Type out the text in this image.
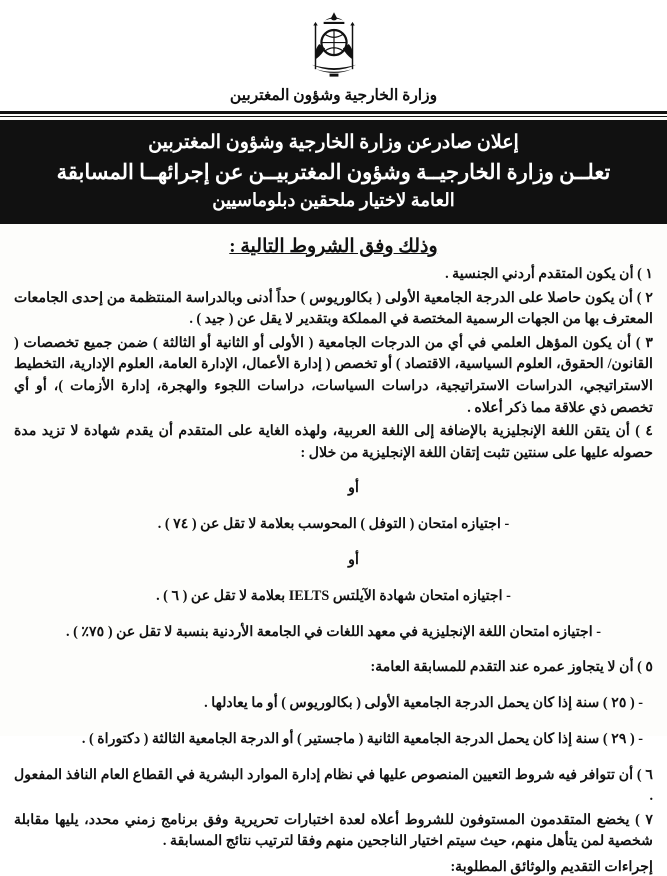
وزارة الخارجية وشؤون المغتربين
إعلان صادرعن وزارة الخارجية وشؤون المغتربين
تعلــن وزارة الخارجيــة وشؤون المغتربيــن عن إجرائهــا المسابقة
العامة لاختيار ملحقين دبلوماسيين
وذلك وفق الشروط التالية :

١ ) أن يكون المتقدم أردني الجنسية .

٢ ) أن يكون حاصلا على الدرجة الجامعية الأولى ( بكالوريوس ) حداً أدنى وبالدراسة المنتظمة من إحدى الجامعات المعترف بها من الجهات الرسمية المختصة في المملكة وبتقدير لا يقل عن ( جيد ) .

٣ ) أن يكون المؤهل العلمي في أي من الدرجات الجامعية ( الأولى أو الثانية أو الثالثة ) ضمن جميع تخصصات ( القانون/ الحقوق، العلوم السياسية، الاقتصاد ) أو تخصص ( إدارة الأعمال، الإدارة العامة، العلوم الإدارية، التخطيط الاستراتيجي، الدراسات الاستراتيجية، دراسات السياسات، دراسات اللجوء والهجرة، إدارة الأزمات )، أو أي تخصص ذي علاقة مما ذكر أعلاه .

٤ ) أن يتقن اللغة الإنجليزية بالإضافة إلى اللغة العربية، ولهذه الغاية على المتقدم أن يقدم شهادة لا تزيد مدة حصوله عليها على سنتين تثبت إتقان اللغة الإنجليزية من خلال :

أو

- اجتيازه امتحان ( التوفل ) المحوسب بعلامة لا تقل عن ( ٧٤ ) .

أو

- اجتيازه امتحان شهادة الآيلتس IELTS بعلامة لا تقل عن ( ٦ ) .

- اجتيازه امتحان اللغة الإنجليزية في معهد اللغات في الجامعة الأردنية بنسبة لا تقل عن ( ٧٥٪ ) .

٥ ) أن لا يتجاوز عمره عند التقدم للمسابقة العامة:

- ( ٢٥ ) سنة إذا كان يحمل الدرجة الجامعية الأولى ( بكالوريوس ) أو ما يعادلها .

- ( ٢٩ ) سنة إذا كان يحمل الدرجة الجامعية الثانية ( ماجستير ) أو الدرجة الجامعية الثالثة ( دكتوراة ) .

٦ ) أن تتوافر فيه شروط التعيين المنصوص عليها في نظام إدارة الموارد البشرية في القطاع العام النافذ المفعول .

٧ ) يخضع المتقدمون المستوفون للشروط أعلاه لعدة اختبارات تحريرية وفق برنامج زمني محدد، يليها مقابلة شخصية لمن يتأهل منهم، حيث سيتم اختيار الناجحين منهم وفقا لترتيب نتائج المسابقة .

إجراءات التقديم والوثائق المطلوبة:
